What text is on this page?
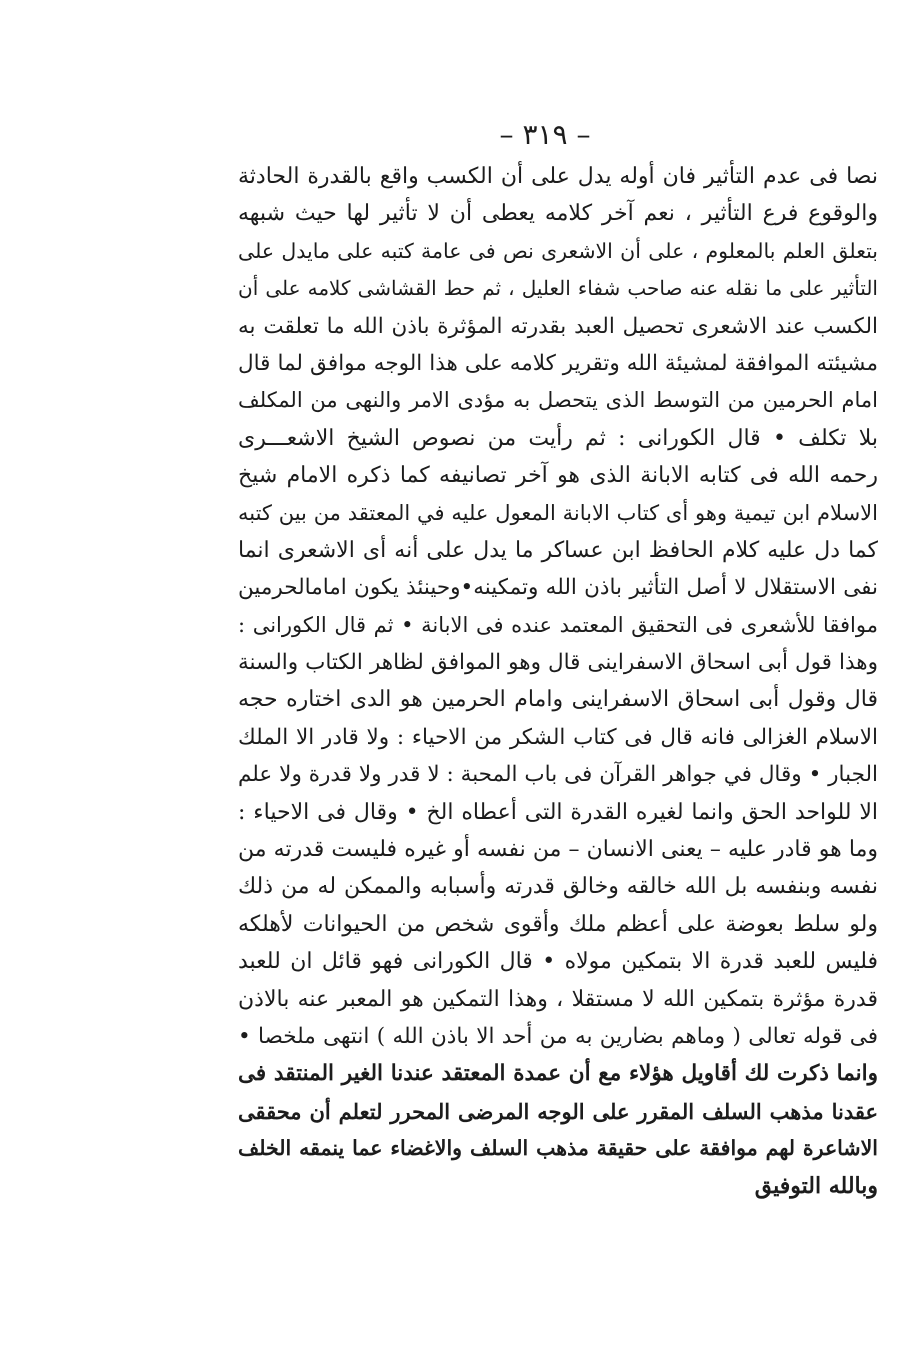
– ٣١٩ –
نصا فى عدم التأثير فان أوله يدل على أن الكسب واقع بالقدرة الحادثة
والوقوع فرع التأثير ، نعم آخر كلامه يعطى أن لا تأثير لها حيث شبهه
بتعلق العلم بالمعلوم ، على أن الاشعرى نص فى عامة كتبه على مايدل على
التأثير على ما نقله عنه صاحب شفاء العليل ، ثم حط القشاشى كلامه على أن
الكسب عند الاشعرى تحصيل العبد بقدرته المؤثرة باذن الله ما تعلقت به
مشيئته الموافقة لمشيئة الله وتقرير كلامه على هذا الوجه موافق لما قال
امام الحرمين من التوسط الذى يتحصل به مؤدى الامر والنهى من المكلف
بلا تكلف • قال الكورانى : ثم رأيت من نصوص الشيخ الاشعـــرى
رحمه الله فى كتابه الابانة الذى هو آخر تصانيفه كما ذكره الامام شيخ
الاسلام ابن تيمية وهو أى كتاب الابانة المعول عليه في المعتقد من بين كتبه
كما دل عليه كلام الحافظ ابن عساكر ما يدل على أنه أى الاشعرى انما
نفى الاستقلال لا أصل التأثير باذن الله وتمكينه•وحينئذ يكون امامالحرمين
موافقا للأشعرى فى التحقيق المعتمد عنده فى الابانة • ثم قال الكورانى :
وهذا قول أبى اسحاق الاسفراينى قال وهو الموافق لظاهر الكتاب والسنة
قال وقول أبى اسحاق الاسفراينى وامام الحرمين هو الدى اختاره حجه
الاسلام الغزالى فانه قال فى كتاب الشكر من الاحياء : ولا قادر الا الملك
الجبار • وقال في جواهر القرآن فى باب المحبة : لا قدر ولا قدرة ولا علم
الا للواحد الحق وانما لغيره القدرة التى أعطاه الخ • وقال فى الاحياء :
وما هو قادر عليه – يعنى الانسان – من نفسه أو غيره فليست قدرته من
نفسه وبنفسه بل الله خالقه وخالق قدرته وأسبابه والممكن له من ذلك
ولو سلط بعوضة على أعظم ملك وأقوى شخص من الحيوانات لأهلكه
فليس للعبد قدرة الا بتمكين مولاه • قال الكورانى فهو قائل ان للعبد
قدرة مؤثرة بتمكين الله لا مستقلا ، وهذا التمكين هو المعبر عنه بالاذن
فى قوله تعالى ( وماهم بضارين به من أحد الا باذن الله ) انتهى ملخصا •
وانما ذكرت لك أقاويل هؤلاء مع أن عمدة المعتقد عندنا الغير المنتقد فى
عقدنا مذهب السلف المقرر على الوجه المرضى المحرر لتعلم أن محققى
الاشاعرة لهم موافقة على حقيقة مذهب السلف والاغضاء عما ينمقه الخلف
وبالله التوفيق
